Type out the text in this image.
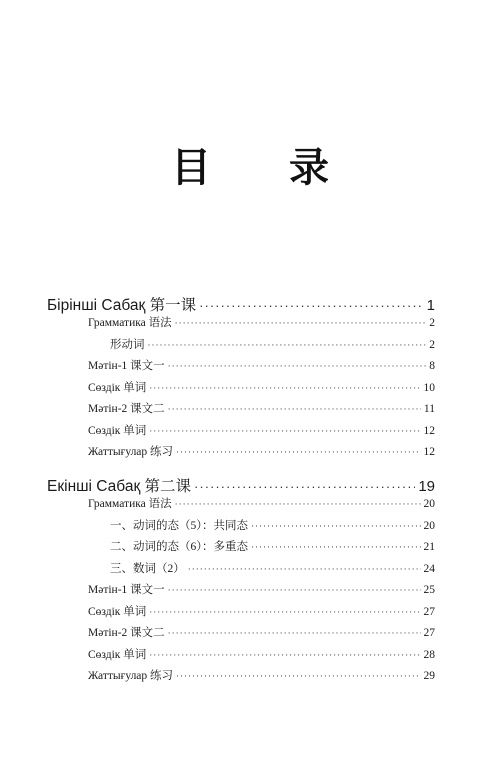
目 录
Бірінші Сабақ 第一课 ·····	1
Грамматика 语法 ·····	2
形动词 ·····	2
Мәтін-1 课文一 ·····	8
Сөздік 单词 ·····	10
Мәтін-2 课文二 ·····	11
Сөздік 单词 ·····	12
Жаттығулар 练习 ·····	12
Екінші Сабақ 第二课 ·····	19
Грамматика 语法 ·····	20
一、动词的态（5）：共同态 ·····	20
二、动词的态（6）：多重态 ·····	21
三、数词（2） ·····	24
Мәтін-1 课文一 ·····	25
Сөздік 单词 ·····	27
Мәтін-2 课文二 ·····	27
Сөздік 单词 ·····	28
Жаттығулар 练习 ·····	29
